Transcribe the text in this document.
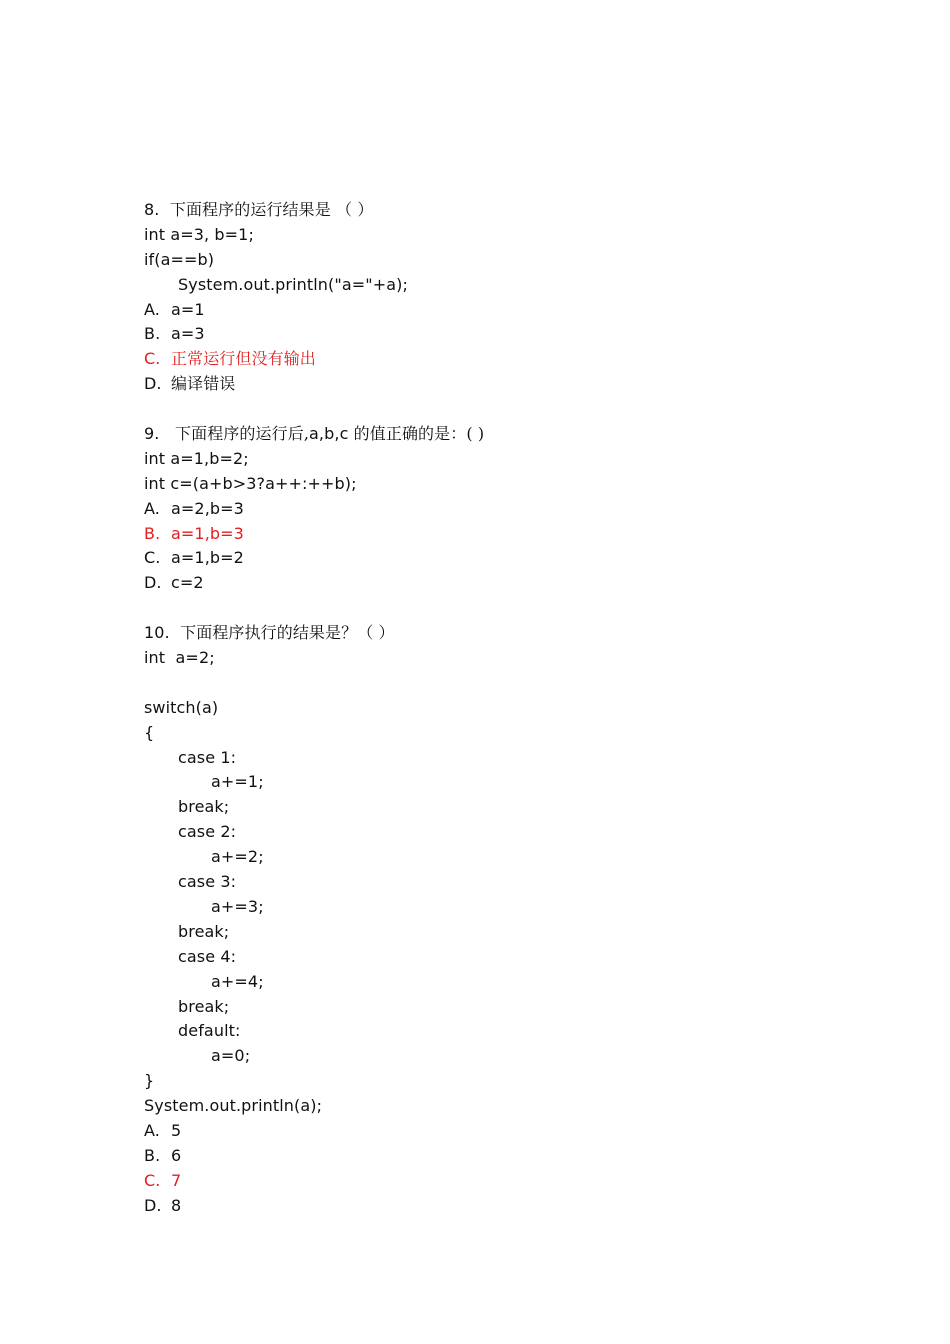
8. 下面程序的运行结果是 （ ）
int a=3, b=1;
if(a==b)
System.out.println("a="+a);
A. a=1
B. a=3
C. 正常运行但没有输出
D. 编译错误
9. 下面程序的运行后,a,b,c 的值正确的是：( )
int a=1,b=2;
int c=(a+b>3?a++:++b);
A. a=2,b=3
B. a=1,b=3
C. a=1,b=2
D. c=2
10. 下面程序执行的结果是？（ ）
int  a=2;
switch(a)
{
case 1:
a+=1;
break;
case 2:
a+=2;
case 3:
a+=3;
break;
case 4:
a+=4;
break;
default:
a=0;
}
System.out.println(a);
A. 5
B. 6
C. 7
D. 8
